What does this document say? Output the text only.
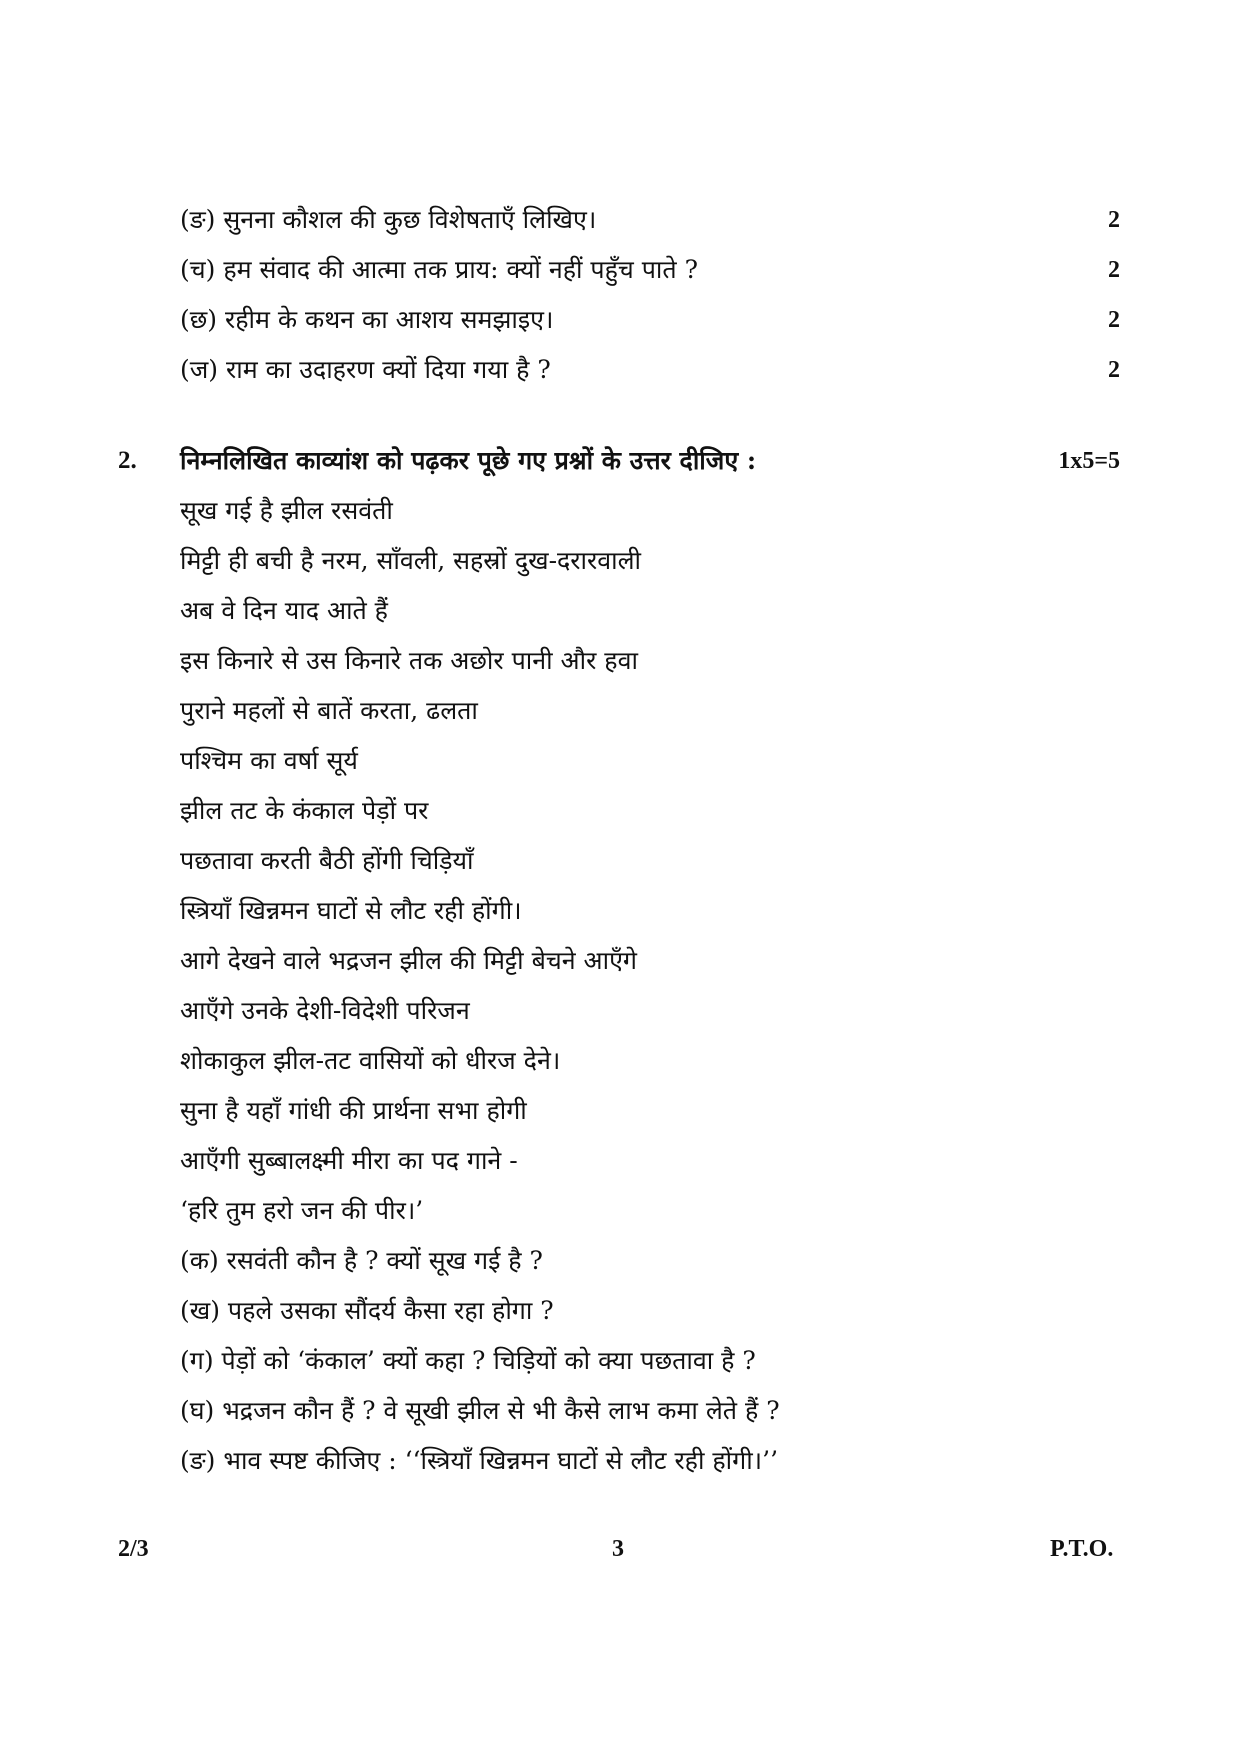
(ङ) सुनना कौशल की कुछ विशेषताएँ लिखिए।	2
(च) हम संवाद की आत्मा तक प्राय: क्यों नहीं पहुँच पाते ?	2
(छ) रहीम के कथन का आशय समझाइए।	2
(ज) राम का उदाहरण क्यों दिया गया है ?	2
2. निम्नलिखित काव्यांश को पढ़कर पूछे गए प्रश्नों के उत्तर दीजिए :	1x5=5
सूख गई है झील रसवंती
मिट्टी ही बची है नरम, साँवली, सहस्रों दुख-दरारवाली
अब वे दिन याद आते हैं
इस किनारे से उस किनारे तक अछोर पानी और हवा
पुराने महलों से बातें करता, ढलता
पश्चिम का वर्षा सूर्य
झील तट के कंकाल पेड़ों पर
पछतावा करती बैठी होंगी चिड़ियाँ
स्त्रियाँ खिन्नमन घाटों से लौट रही होंगी।
आगे देखने वाले भद्रजन झील की मिट्टी बेचने आएँगे
आएँगे उनके देशी-विदेशी परिजन
शोकाकुल झील-तट वासियों को धीरज देने।
सुना है यहाँ गांधी की प्रार्थना सभा होगी
आएँगी सुब्बालक्ष्मी मीरा का पद गाने -
‘हरि तुम हरो जन की पीर।’
(क) रसवंती कौन है ? क्यों सूख गई है ?
(ख) पहले उसका सौंदर्य कैसा रहा होगा ?
(ग) पेड़ों को ‘कंकाल’ क्यों कहा ? चिड़ियों को क्या पछतावा है ?
(घ) भद्रजन कौन हैं ? वे सूखी झील से भी कैसे लाभ कमा लेते हैं ?
(ङ) भाव स्पष्ट कीजिए : ‘‘स्त्रियाँ खिन्नमन घाटों से लौट रही होंगी।’’
2/3	3	P.T.O.
